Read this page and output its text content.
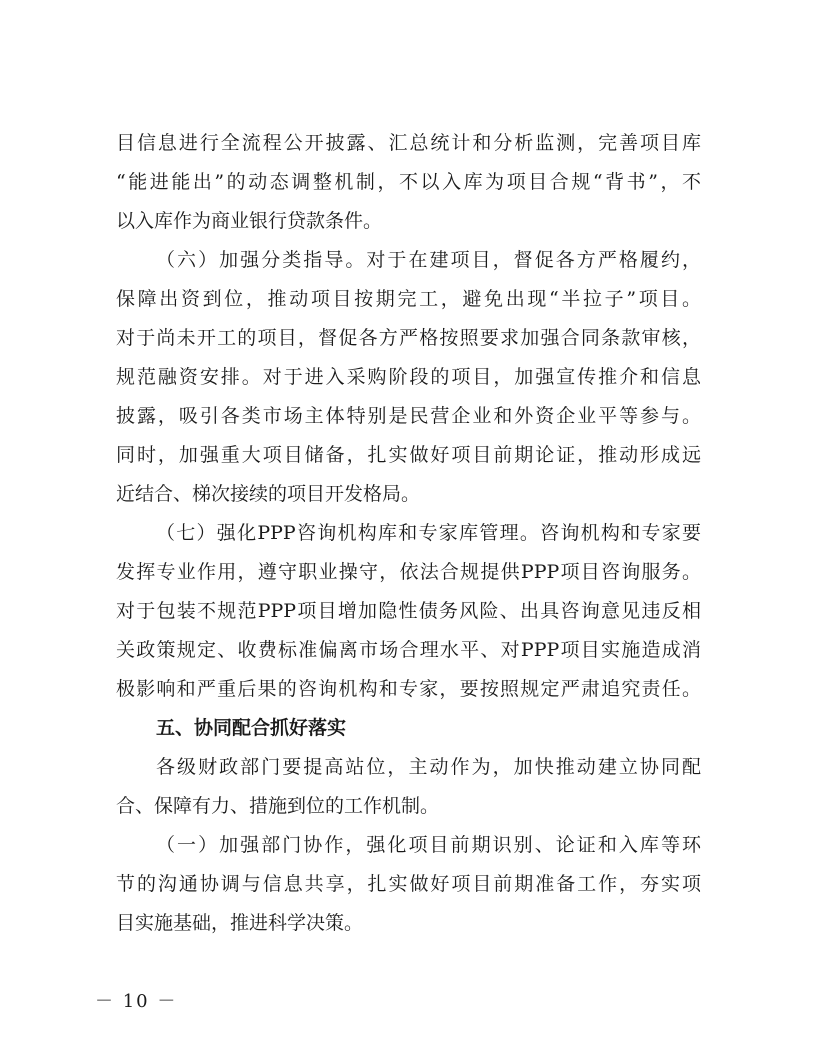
目信息进行全流程公开披露、汇总统计和分析监测，完善项目库
“能进能出”的动态调整机制，不以入库为项目合规“背书”，不
以入库作为商业银行贷款条件。
（六）加强分类指导。对于在建项目，督促各方严格履约，
保障出资到位，推动项目按期完工，避免出现“半拉子”项目。
对于尚未开工的项目，督促各方严格按照要求加强合同条款审核，
规范融资安排。对于进入采购阶段的项目，加强宣传推介和信息
披露，吸引各类市场主体特别是民营企业和外资企业平等参与。
同时，加强重大项目储备，扎实做好项目前期论证，推动形成远
近结合、梯次接续的项目开发格局。
（七）强化PPP咨询机构库和专家库管理。咨询机构和专家要
发挥专业作用，遵守职业操守，依法合规提供PPP项目咨询服务。
对于包装不规范PPP项目增加隐性债务风险、出具咨询意见违反相
关政策规定、收费标准偏离市场合理水平、对PPP项目实施造成消
极影响和严重后果的咨询机构和专家，要按照规定严肃追究责任。
五、协同配合抓好落实
各级财政部门要提高站位，主动作为，加快推动建立协同配
合、保障有力、措施到位的工作机制。
（一）加强部门协作，强化项目前期识别、论证和入库等环
节的沟通协调与信息共享，扎实做好项目前期准备工作，夯实项
目实施基础，推进科学决策。
－ 10 －
